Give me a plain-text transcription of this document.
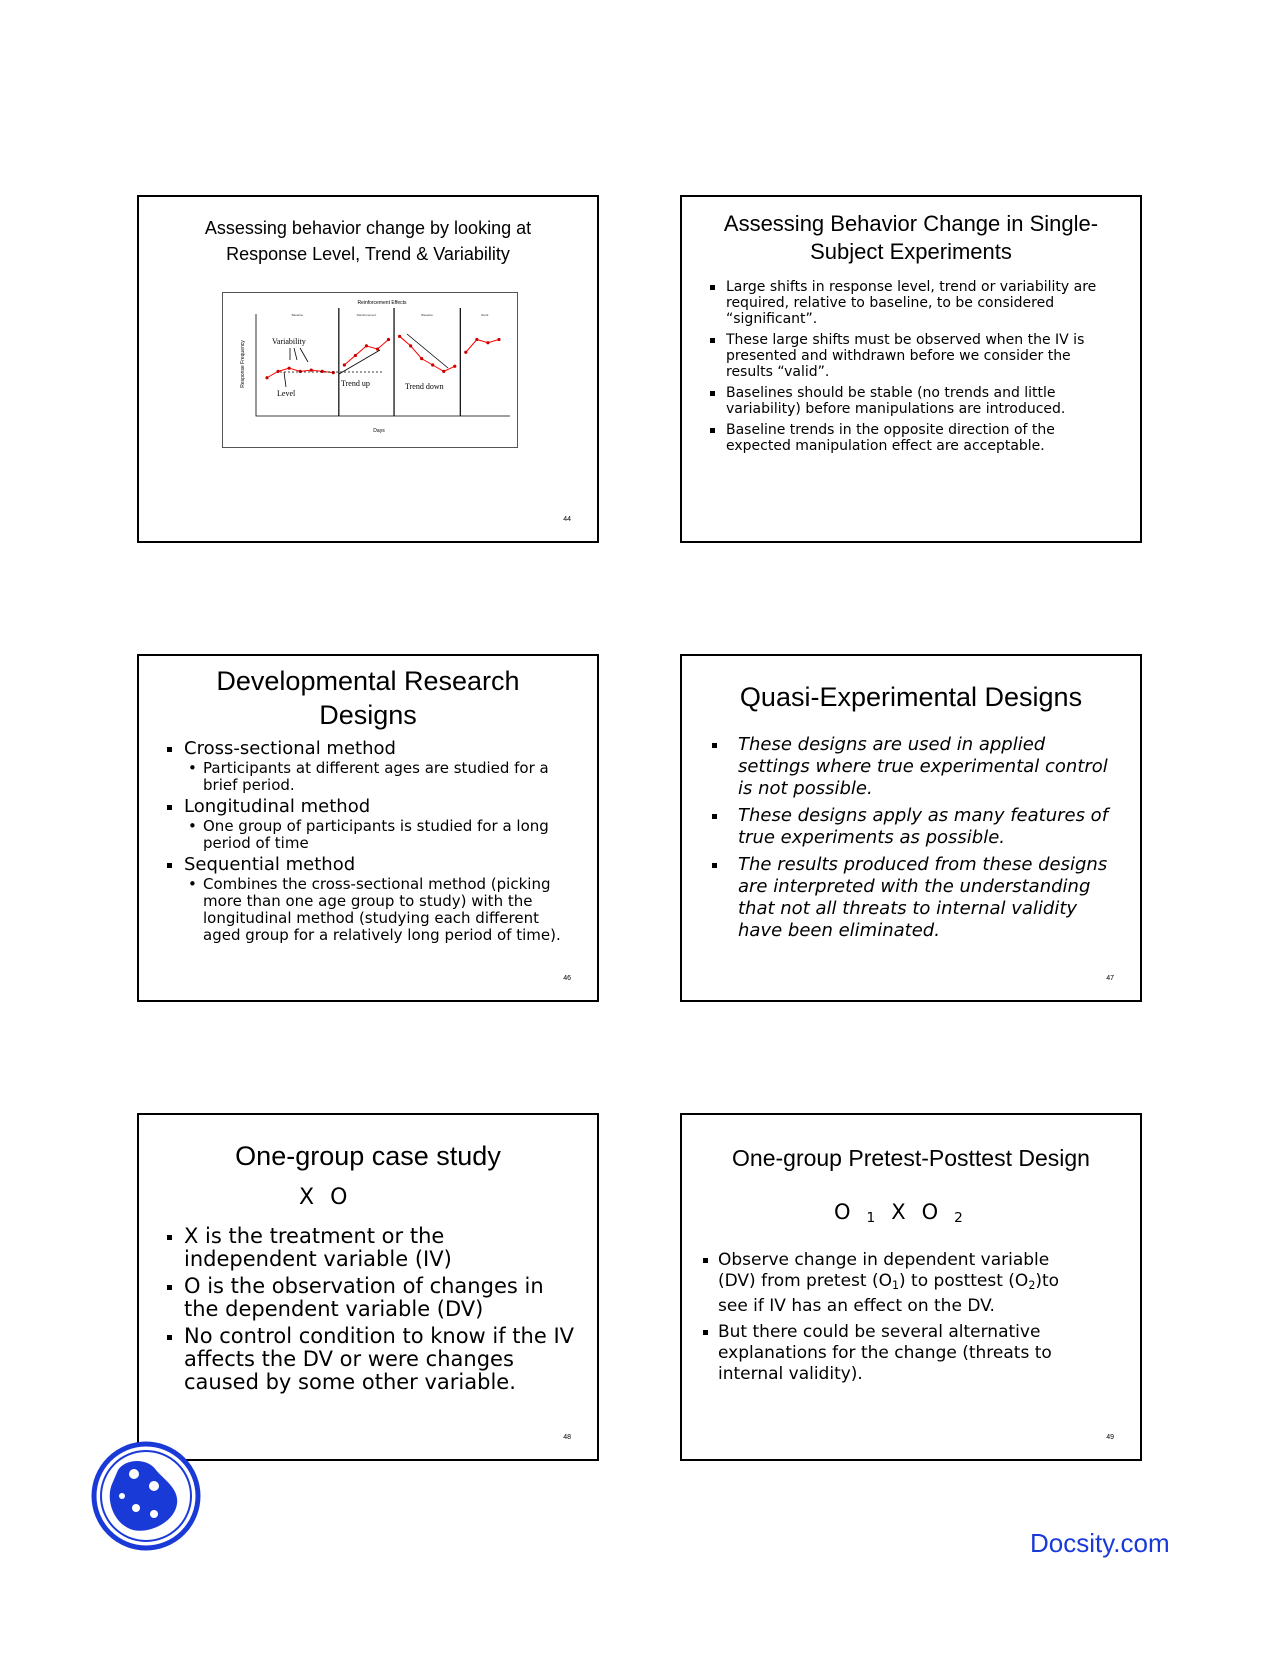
Assessing behavior change by looking at Response Level, Trend & Variability

Reinforcement Effects
Days
Response Frequency
Baseline	Reinforcement	Baseline	Reinf.
Variability
Level
Trend up	Trend down
44

Assessing Behavior Change in Single-Subject Experiments

Large shifts in response level, trend or variability are required, relative to baseline, to be considered “significant”.
These large shifts must be observed when the IV is presented and withdrawn before we consider the results “valid”.
Baselines should be stable (no trends and little variability) before manipulations are introduced.
Baseline trends in the opposite direction of the expected manipulation effect are acceptable.

Developmental Research
Designs

Cross-sectional method
• Participants at different ages are studied for a brief period.
Longitudinal method
• One group of participants is studied for a long period of time
Sequential method
• Combines the cross-sectional method (picking more than one age group to study) with the longitudinal method (studying each different aged group for a relatively long period of time).
46

Quasi-Experimental Designs

These designs are used in applied settings where true experimental control is not possible.
These designs apply as many features of true experiments as possible.
The results produced from these designs are interpreted with the understanding that not all threats to internal validity have been eliminated.
47

One-group case study

X O
X is the treatment or the independent variable (IV)
O is the observation of changes in the dependent variable (DV)
No control condition to know if the IV affects the DV or were changes caused by some other variable.
48

One-group Pretest-Posttest Design

O $_1$ X O $_2$
Observe change in dependent variable (DV) from pretest $(O_1)$ to posttest $(O_2)to$ see if IV has an effect on the DV.
But there could be several alternative explanations for the change (threats to internal validity).
49
Docsity.com
